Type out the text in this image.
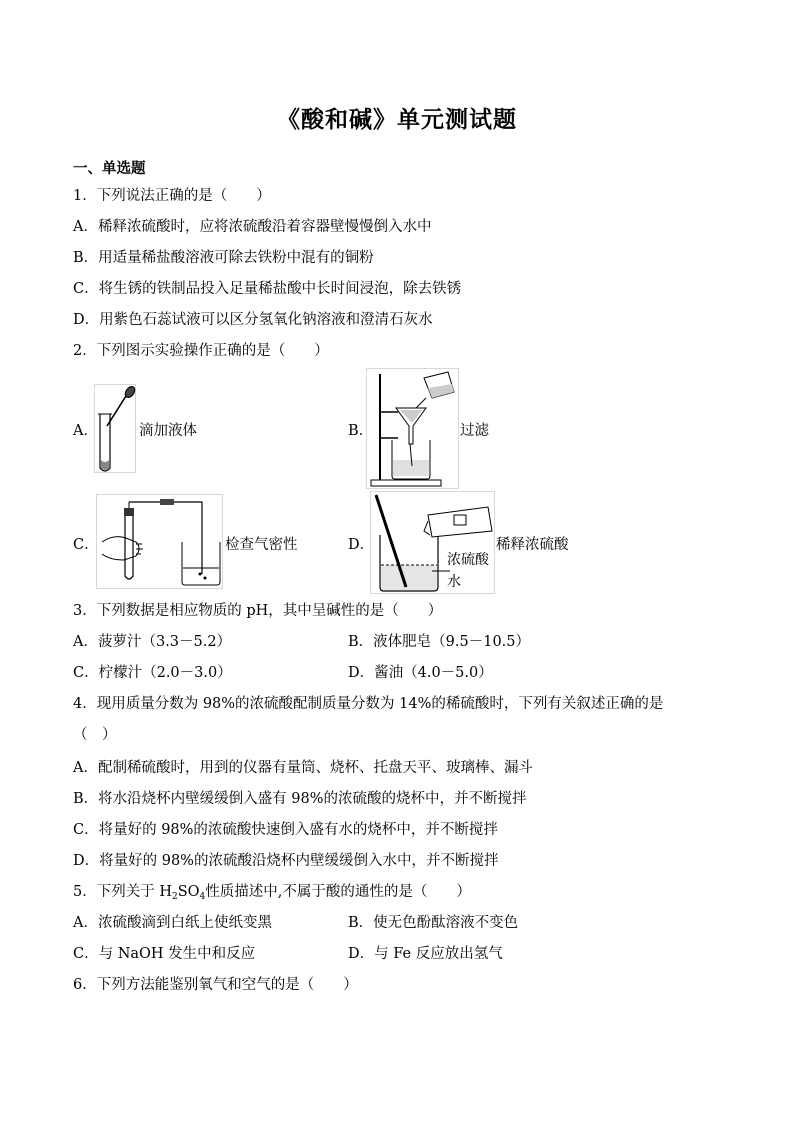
《酸和碱》单元测试题
一、单选题
1．下列说法正确的是（　　）
A．稀释浓硫酸时，应将浓硫酸沿着容器壁慢慢倒入水中
B．用适量稀盐酸溶液可除去铁粉中混有的铜粉
C．将生锈的铁制品投入足量稀盐酸中长时间浸泡，除去铁锈
D．用紫色石蕊试液可以区分氢氧化钠溶液和澄清石灰水
2．下列图示实验操作正确的是（　　）
A．	滴加液体	B．	过滤
C．	检查气密性	D．	稀释浓硫酸
浓硫酸
水
3．下列数据是相应物质的 pH，其中呈碱性的是（　　）
A．菠萝汁（3.3－5.2）	B．液体肥皂（9.5－10.5）
C．柠檬汁（2.0－3.0）	D．酱油（4.0－5.0）
4．现用质量分数为 98%的浓硫酸配制质量分数为 14%的稀硫酸时，下列有关叙述正确的是
（　）
A．配制稀硫酸时，用到的仪器有量筒、烧杯、托盘天平、玻璃棒、漏斗
B．将水沿烧杯内壁缓缓倒入盛有 98%的浓硫酸的烧杯中，并不断搅拌
C．将量好的 98%的浓硫酸快速倒入盛有水的烧杯中，并不断搅拌
D．将量好的 98%的浓硫酸沿烧杯内壁缓缓倒入水中，并不断搅拌
5．下列关于 $H_2SO_4$性质描述中,不属于酸的通性的是（　　）
A．浓硫酸滴到白纸上使纸变黑	B．使无色酚酞溶液不变色
C．与 NaOH 发生中和反应	D．与 Fe 反应放出氢气
6．下列方法能鉴别氧气和空气的是（　　）
